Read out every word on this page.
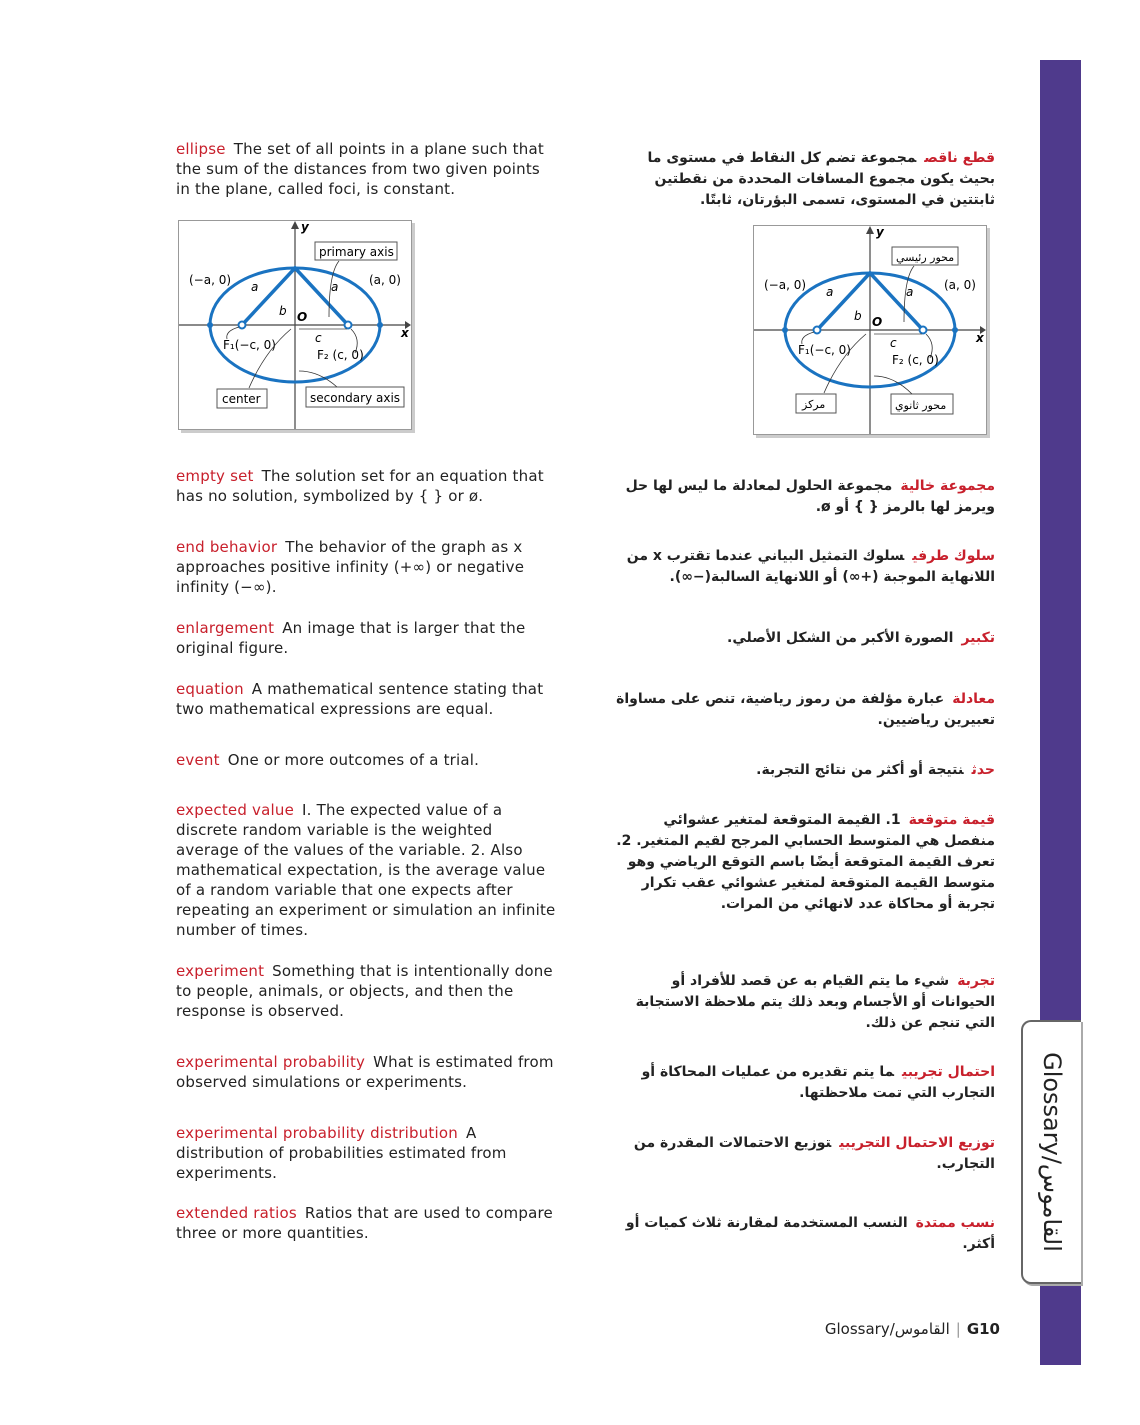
ellipse The set of all points in a plane such that the sum of the distances from two given points in the plane, called foci, is constant.
y
x
O
(−a, 0)	(a, 0)
a	a
b
c
F₁(−c, 0)
F₂ (c, 0)
primary axis
secondary axis
center
empty set The solution set for an equation that has no solution, symbolized by { } or ø.
end behavior The behavior of the graph as x approaches positive infinity (+∞) or negative infinity (−∞).
enlargement An image that is larger that the original figure.
equation A mathematical sentence stating that two mathematical expressions are equal.
event One or more outcomes of a trial.
expected value I. The expected value of a discrete random variable is the weighted average of the values of the variable. 2. Also mathematical expectation, is the average value of a random variable that one expects after repeating an experiment or simulation an infinite number of times.
experiment Something that is intentionally done to people, animals, or objects, and then the response is observed.
experimental probability What is estimated from observed simulations or experiments.
experimental probability distribution A distribution of probabilities estimated from experiments.
extended ratios Ratios that are used to compare three or more quantities.
قطع ناقصمجموعة تضم كل النقاط في مستوى ما بحيث يكون مجموع المسافات المحددة من نقطتين ثابتتين في المستوى، تسمى البؤرتان، ثابتًا.
y
x
O
(−a, 0)	(a, 0)
a	a
b
c
F₁(−c, 0)
F₂ (c, 0)
محور رئيسي
محور ثانوي
مركز
مجموعة خاليةمجموعة الحلول لمعادلة ما ليس لها حل ويرمز لها بالرمز { } أو ø.
سلوك طرفيسلوك التمثيل البياني عندما تقترب x من اللانهاية الموجبة (+∞) أو اللانهاية السالبة(−∞).
تكبيرالصورة الأكبر من الشكل الأصلي.
معادلةعبارة مؤلفة من رموز رياضية، تنص على مساواة تعبيرين رياضيين.
حدثنتيجة أو أكثر من نتائج التجربة.
قيمة متوقعة1. القيمة المتوقعة لمتغير عشوائي منفصل هي المتوسط الحسابي المرجح لقيم المتغير. 2. تعرف القيمة المتوقعة أيضًا باسم التوقع الرياضي وهو متوسط القيمة المتوقعة لمتغير عشوائي عقب تكرار تجربة أو محاكاة عدد لانهائي من المرات.
تجربةشيء ما يتم القيام به عن قصد للأفراد أو الحيوانات أو الأجسام وبعد ذلك يتم ملاحظة الاستجابة التي تنجم عن ذلك.
احتمال تجريبيما يتم تقديره من عمليات المحاكاة أو التجارب التي تمت ملاحظتها.
توزيع الاحتمال التجريبيتوزيع الاحتمالات المقدرة من التجارب.
نسب ممتدةالنسب المستخدمة لمقارنة ثلاث كميات أو أكثر.
Glossary/القاموس
Glossary/القاموس | G10
